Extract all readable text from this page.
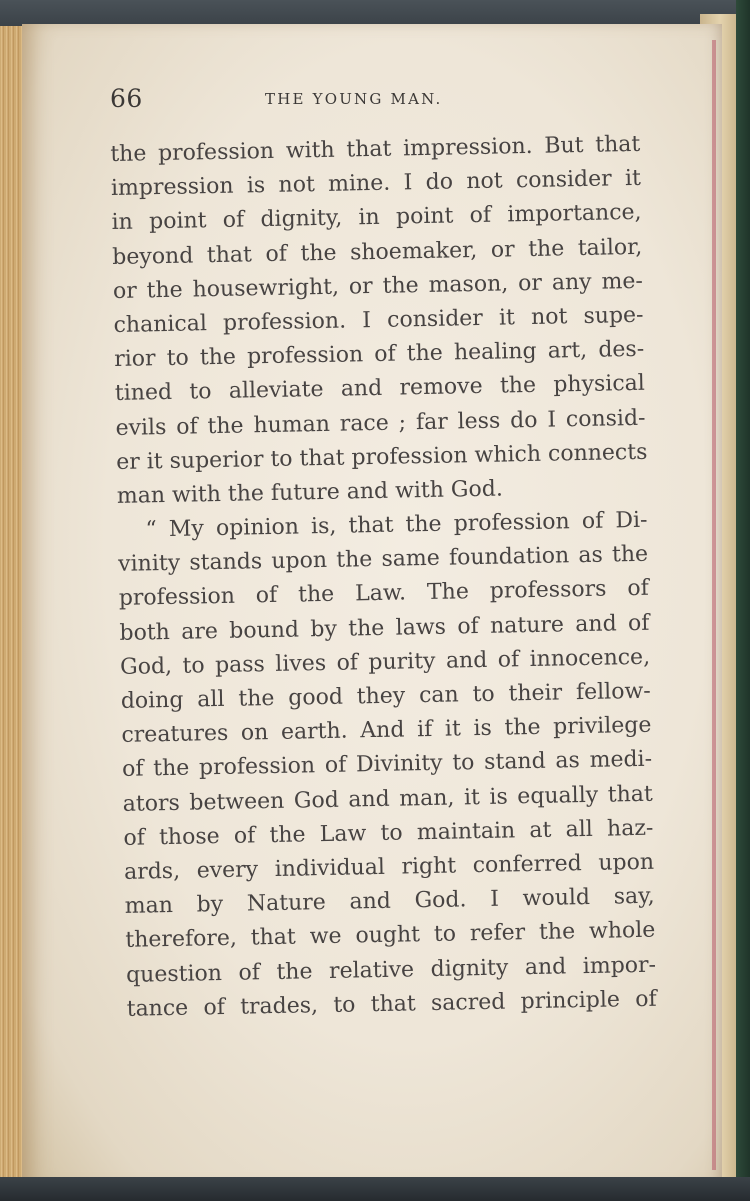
66	THE YOUNG MAN.
the profession with that impression. But that
impression is not mine. I do not consider it
in point of dignity, in point of importance,
beyond that of the shoemaker, or the tailor,
or the housewright, or the mason, or any me-
chanical profession. I consider it not supe-
rior to the profession of the healing art, des-
tined to alleviate and remove the physical
evils of the human race ; far less do I consid-
er it superior to that profession which connects
man with the future and with God.
“ My opinion is, that the profession of Di-
vinity stands upon the same foundation as the
profession of the Law. The professors of
both are bound by the laws of nature and of
God, to pass lives of purity and of innocence,
doing all the good they can to their fellow-
creatures on earth. And if it is the privilege
of the profession of Divinity to stand as medi-
ators between God and man, it is equally that
of those of the Law to maintain at all haz-
ards, every individual right conferred upon
man by Nature and God. I would say,
therefore, that we ought to refer the whole
question of the relative dignity and impor-
tance of trades, to that sacred principle of
